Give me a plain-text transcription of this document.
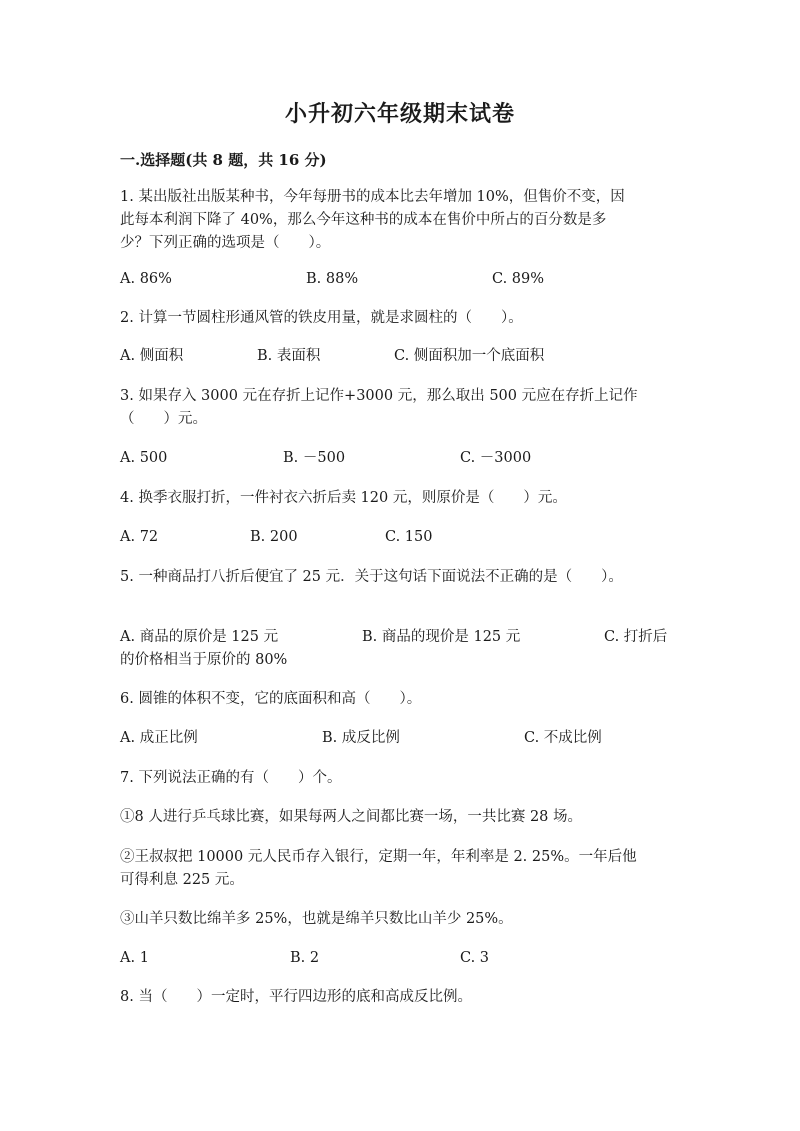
小升初六年级期末试卷
一.选择题(共 8 题，共 16 分)
1. 某出版社出版某种书，今年每册书的成本比去年增加 10%，但售价不变，因
此每本利润下降了 40%，那么今年这种书的成本在售价中所占的百分数是多
少？下列正确的选项是（　　）。
A. 86%	B. 88%	C. 89%
2. 计算一节圆柱形通风管的铁皮用量，就是求圆柱的（　　）。
A. 侧面积	B. 表面积	C. 侧面积加一个底面积
3. 如果存入 3000 元在存折上记作+3000 元，那么取出 500 元应在存折上记作
（　　）元。
A. 500	B. －500	C. －3000
4. 换季衣服打折，一件衬衣六折后卖 120 元，则原价是（　　）元。
A. 72	B. 200	C. 150
5. 一种商品打八折后便宜了 25 元．关于这句话下面说法不正确的是（　　）。
A. 商品的原价是 125 元	B. 商品的现价是 125 元	C. 打折后
的价格相当于原价的 80%
6. 圆锥的体积不变，它的底面积和高（　　）。
A. 成正比例	B. 成反比例	C. 不成比例
7. 下列说法正确的有（　　）个。
①8 人进行乒乓球比赛，如果每两人之间都比赛一场，一共比赛 28 场。
②王叔叔把 10000 元人民币存入银行，定期一年，年利率是 2. 25%。一年后他
可得利息 225 元。
③山羊只数比绵羊多 25%，也就是绵羊只数比山羊少 25%。
A. 1	B. 2	C. 3
8. 当（　　）一定时，平行四边形的底和高成反比例。
